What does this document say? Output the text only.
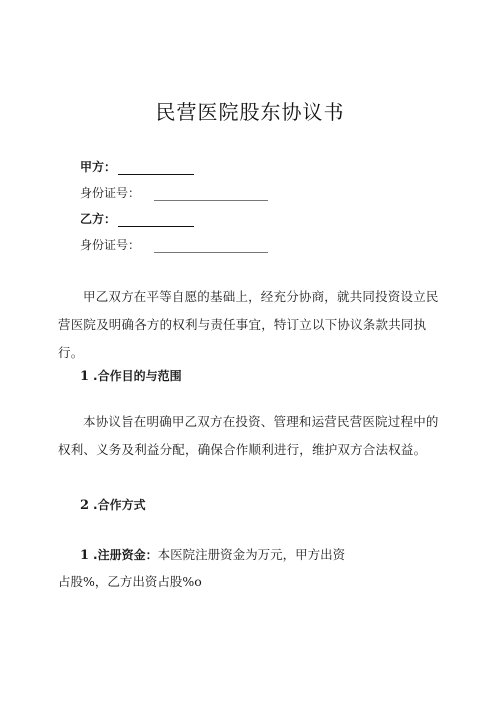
民营医院股东协议书
甲方：
身份证号：
乙方：
身份证号：
甲乙双方在平等自愿的基础上，经充分协商，就共同投资设立民营医院及明确各方的权利与责任事宜，特订立以下协议条款共同执行。
1 .合作目的与范围
本协议旨在明确甲乙双方在投资、管理和运营民营医院过程中的权利、义务及利益分配，确保合作顺利进行，维护双方合法权益。
2 .合作方式
1 .注册资金：本医院注册资金为万元，甲方出资
占股%，乙方出资占股%o
